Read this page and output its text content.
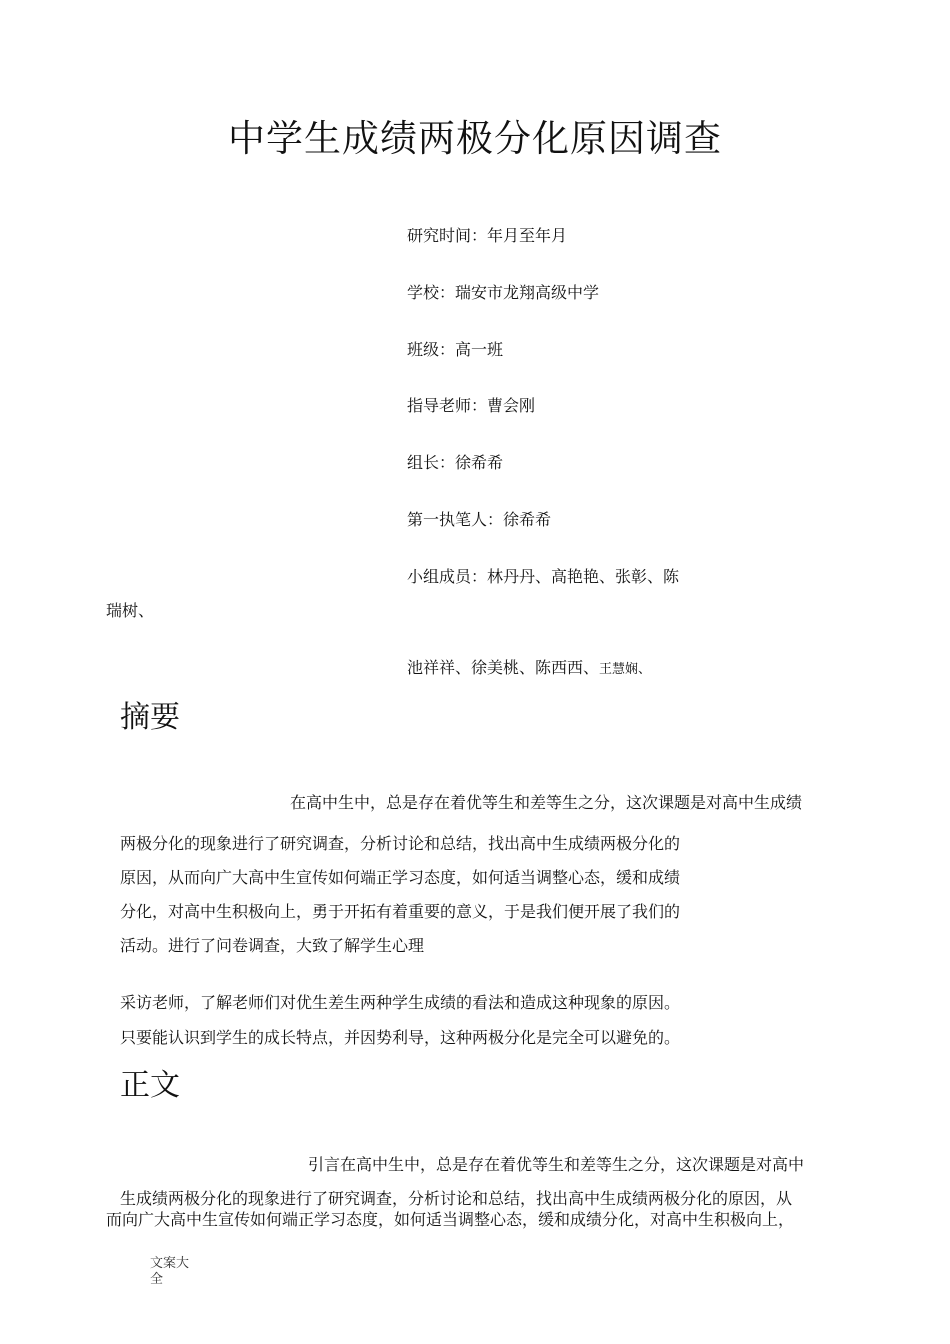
中学生成绩两极分化原因调查
研究时间：年月至年月
学校：瑞安市龙翔高级中学
班级：高一班
指导老师：曹会刚
组长：徐希希
第一执笔人：徐希希
小组成员：林丹丹、高艳艳、张彰、陈
瑞树、
池祥祥、徐美桃、陈西西、王慧娴、
摘要
在高中生中，总是存在着优等生和差等生之分，这次课题是对高中生成绩
两极分化的现象进行了研究调查，分析讨论和总结，找出高中生成绩两极分化的
原因，从而向广大高中生宣传如何端正学习态度，如何适当调整心态，缓和成绩
分化，对高中生积极向上，勇于开拓有着重要的意义，于是我们便开展了我们的
活动。进行了问卷调查，大致了解学生心理
采访老师，了解老师们对优生差生两种学生成绩的看法和造成这种现象的原因。
只要能认识到学生的成长特点，并因势利导，这种两极分化是完全可以避免的。
正文
引言在高中生中，总是存在着优等生和差等生之分，这次课题是对高中
生成绩两极分化的现象进行了研究调查，分析讨论和总结，找出高中生成绩两极分化的原因，从
而向广大高中生宣传如何端正学习态度，如何适当调整心态，缓和成绩分化，对高中生积极向上，
文案大全
